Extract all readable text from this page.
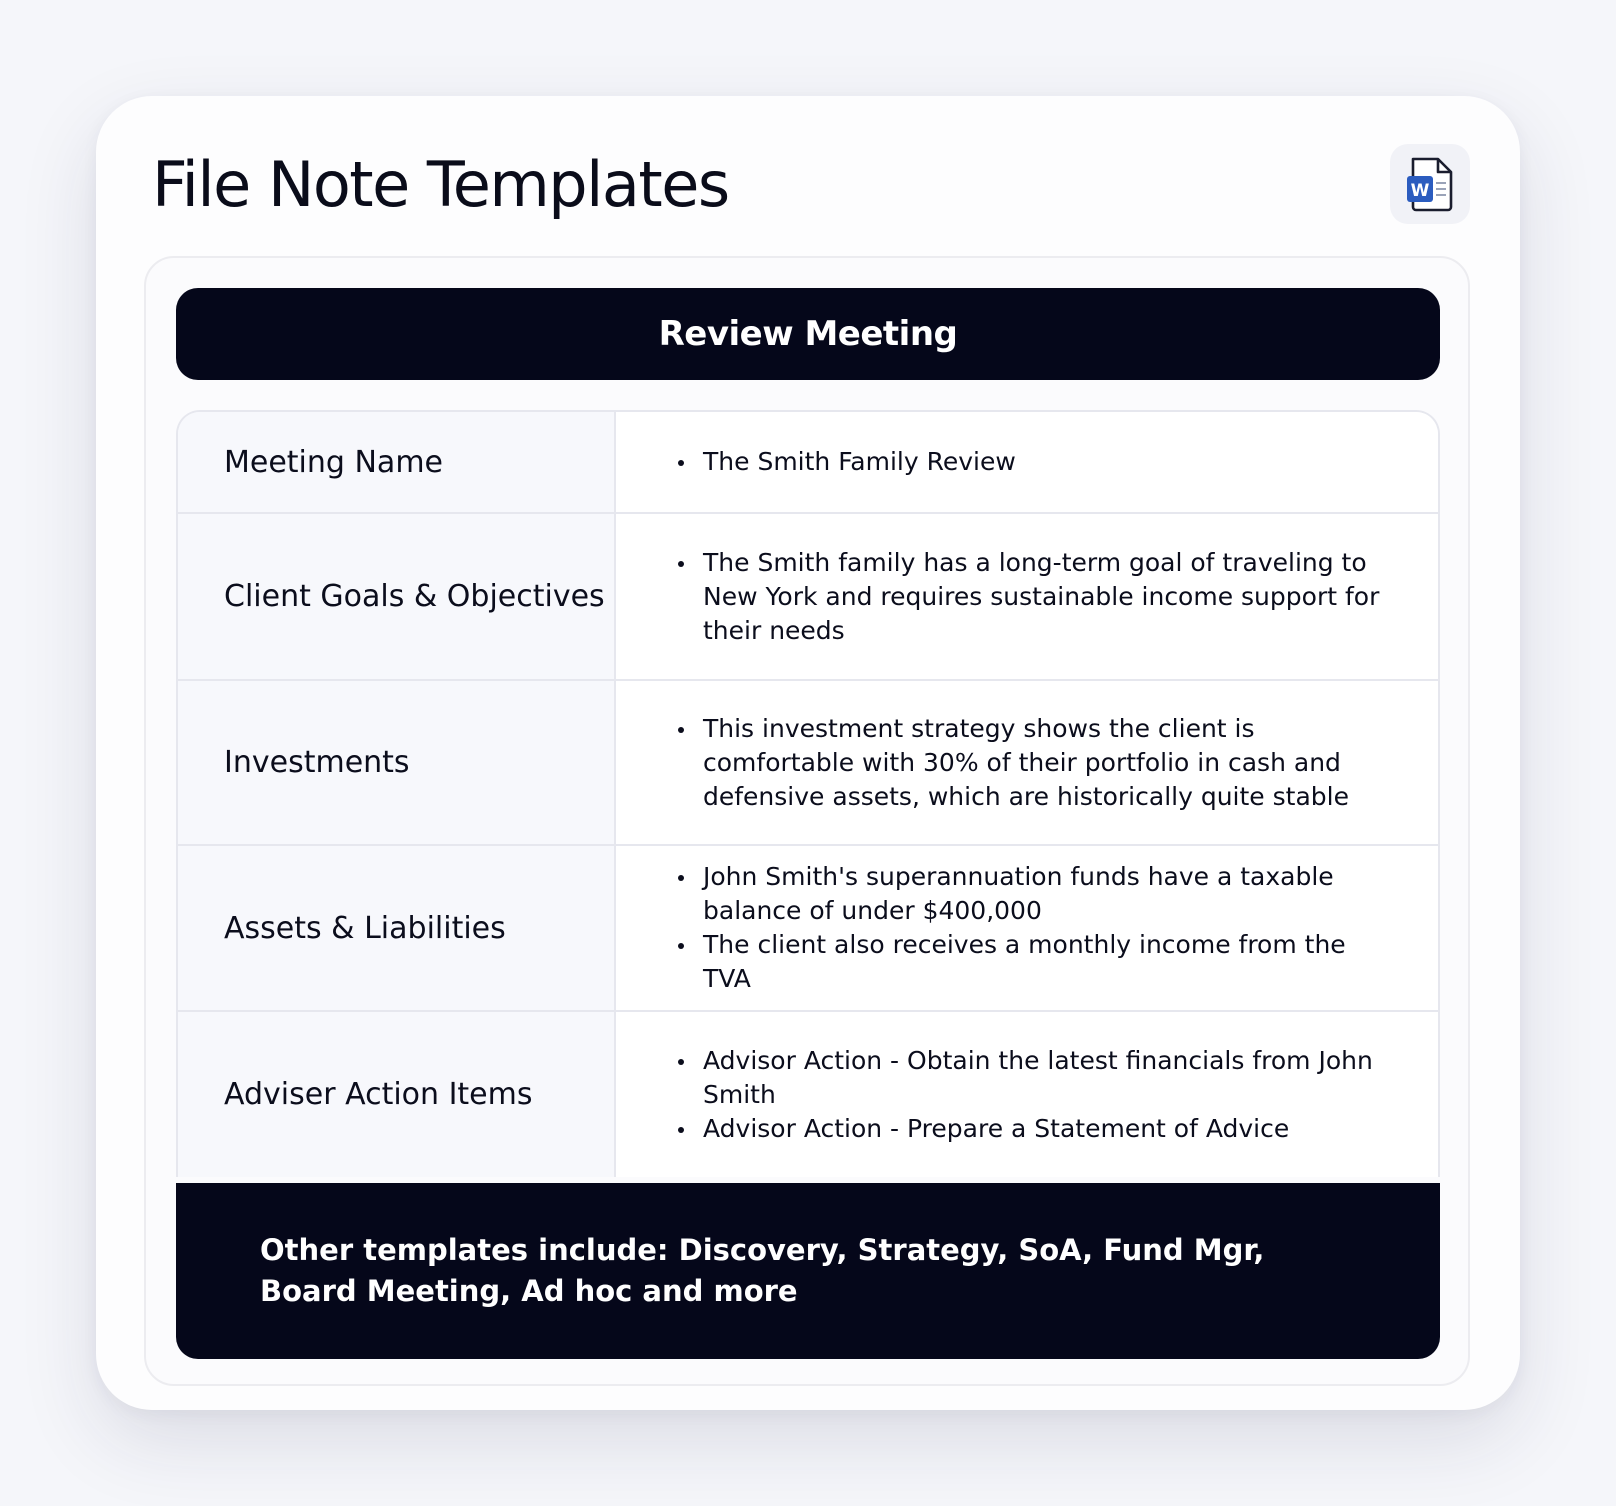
File Note Templates	W
Review Meeting
Meeting Name	The Smith Family Review
Client Goals & Objectives
The Smith family has a long-term goal of traveling to New York and requires sustainable income support for their needs
Investments
This investment strategy shows the client is comfortable with 30% of their portfolio in cash and defensive assets, which are historically quite stable
Assets & Liabilities
John Smith's superannuation funds have a taxable balance of under $400,000
The client also receives a monthly income from the TVA
Adviser Action Items
Advisor Action - Obtain the latest financials from John Smith
Advisor Action - Prepare a Statement of Advice
Other templates include: Discovery, Strategy, SoA, Fund Mgr, Board Meeting, Ad hoc and more
